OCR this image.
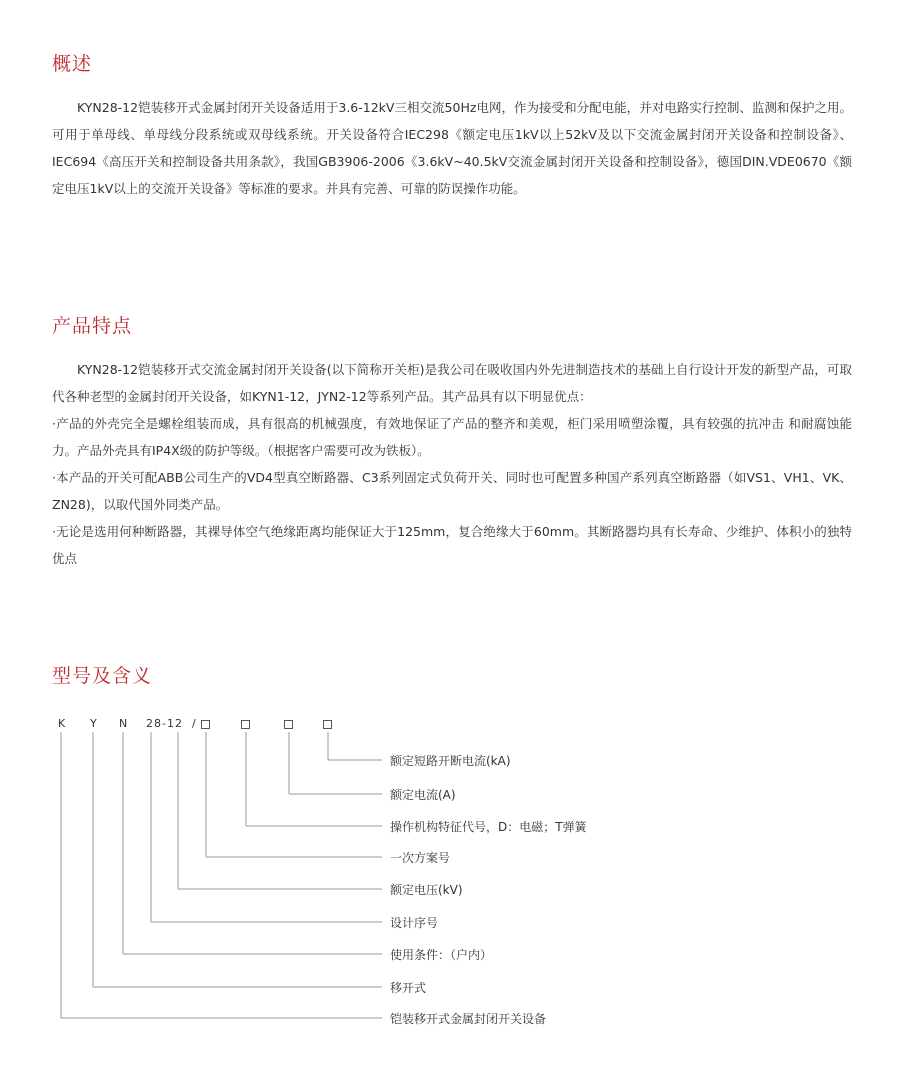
概述

KYN28-12铠装移开式金属封闭开关设备适用于3.6-12kV三相交流50Hz电网，作为接受和分配电能，并对电路实行控制、监测和保护之用。可用于单母线、单母线分段系统或双母线系统。开关设备符合IEC298《额定电压1kV以上52kV及以下交流金属封闭开关设备和控制设备》、IEC694《高压开关和控制设备共用条款》，我国GB3906-2006《3.6kV~40.5kV交流金属封闭开关设备和控制设备》，德国DIN.VDE0670《额定电压1kV以上的交流开关设备》等标准的要求。并具有完善、可靠的防误操作功能。

产品特点

KYN28-12铠装移开式交流金属封闭开关设备(以下简称开关柜)是我公司在吸收国内外先进制造技术的基础上自行设计开发的新型产品，可取代各种老型的金属封闭开关设备，如KYN1-12，JYN2-12等系列产品。其产品具有以下明显优点：

·产品的外壳完全是螺栓组装而成，具有很高的机械强度，有效地保证了产品的整齐和美观，柜门采用喷塑涂覆，具有较强的抗冲击 和耐腐蚀能力。产品外壳具有IP4X级的防护等级。（根据客户需要可改为铁板）。

·本产品的开关可配ABB公司生产的VD4型真空断路器、C3系列固定式负荷开关、同时也可配置多种国产系列真空断路器（如VS1、VH1、VK、ZN28)，以取代国外同类产品。

·无论是选用何种断路器，其裸导体空气绝缘距离均能保证大于125mm，复合绝缘大于60mm。其断路器均具有长寿命、少维护、体积小的独特优点

型号及含义
K Y N 28-12 /
额定短路开断电流(kA)
额定电流(A)
操作机构特征代号，D：电磁；T弹簧
一次方案号
额定电压(kV)
设计序号
使用条件：（户内）
移开式
铠装移开式金属封闭开关设备
